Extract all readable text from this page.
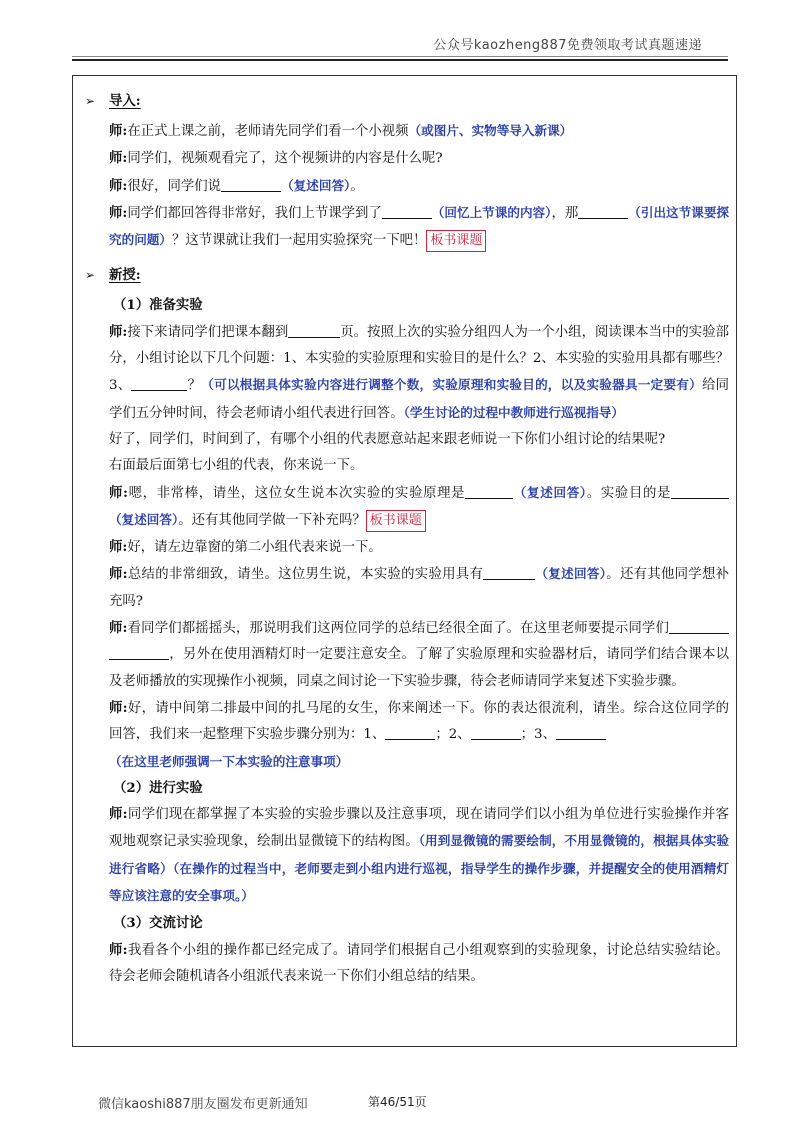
公众号kaozheng887免费领取考试真题速递
➢ 导入:
师:在正式上课之前，老师请先同学们看一个小视频（或图片、实物等导入新课）
师:同学们，视频观看完了，这个视频讲的内容是什么呢?
师:很好，同学们说	（复述回答）。
师:同学们都回答得非常好，我们上节课学到了	（回忆上节课的内容），那	（引出这节课要探究的问题）？这节课就让我们一起用实验探究一下吧！ 板书课题
➢ 新授:
（1）准备实验
师:接下来请同学们把课本翻到	页。按照上次的实验分组四人为一个小组，阅读课本当中的实验部分，小组讨论以下几个问题：1、本实验的实验原理和实验目的是什么？2、本实验的实验用具都有哪些？3、	？（可以根据具体实验内容进行调整个数，实验原理和实验目的，以及实验器具一定要有）给同学们五分钟时间，待会老师请小组代表进行回答。（学生讨论的过程中教师进行巡视指导）
好了，同学们，时间到了，有哪个小组的代表愿意站起来跟老师说一下你们小组讨论的结果呢?
右面最后面第七小组的代表，你来说一下。
师:嗯，非常棒，请坐，这位女生说本次实验的实验原理是	（复述回答）。实验目的是（复述回答）。还有其他同学做一下补充吗？ 板书课题
师:好，请左边靠窗的第二小组代表来说一下。
师:总结的非常细致，请坐。这位男生说，本实验的实验用具有	（复述回答）。还有其他同学想补充吗?
师:看同学们都摇摇头，那说明我们这两位同学的总结已经很全面了。在这里老师要提示同学们，另外在使用酒精灯时一定要注意安全。了解了实验原理和实验器材后，请同学们结合课本以及老师播放的实现操作小视频，同桌之间讨论一下实验步骤，待会老师请同学来复述下实验步骤。
师:好，请中间第二排最中间的扎马尾的女生，你来阐述一下。你的表达很流利，请坐。综合这位同学的回答，我们来一起整理下实验步骤分别为：1、	；2、	；3、
（在这里老师强调一下本实验的注意事项）
（2）进行实验
师:同学们现在都掌握了本实验的实验步骤以及注意事项，现在请同学们以小组为单位进行实验操作并客观地观察记录实验现象，绘制出显微镜下的结构图。（用到显微镜的需要绘制，不用显微镜的，根据具体实验进行省略）（在操作的过程当中，老师要走到小组内进行巡视，指导学生的操作步骤，并提醒安全的使用酒精灯等应该注意的安全事项。）
（3）交流讨论
师:我看各个小组的操作都已经完成了。请同学们根据自己小组观察到的实验现象，讨论总结实验结论。待会老师会随机请各小组派代表来说一下你们小组总结的结果。
微信kaoshi887朋友圈发布更新通知	第46/51页
